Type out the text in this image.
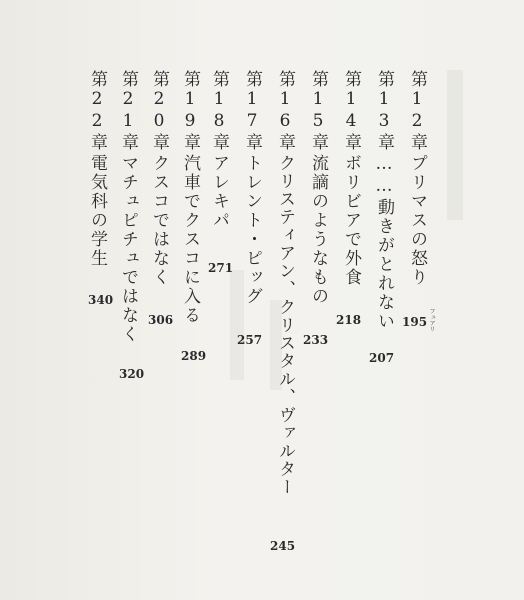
第12章
プリマスの怒り
フュアリ
195
第13章
……動きがとれない
207
第14章
ボリビアで外食
218
第15章
流謫のようなもの
233
第16章
クリスティアン、クリスタル、ヴァルター
245
第17章
トレント・ピッグ
257
第18章
アレキパ
271
第19章
汽車でクスコに入る
289
第20章
クスコではなく
306
第21章
マチュピチュではなく
320
第22章
電気科の学生
340
